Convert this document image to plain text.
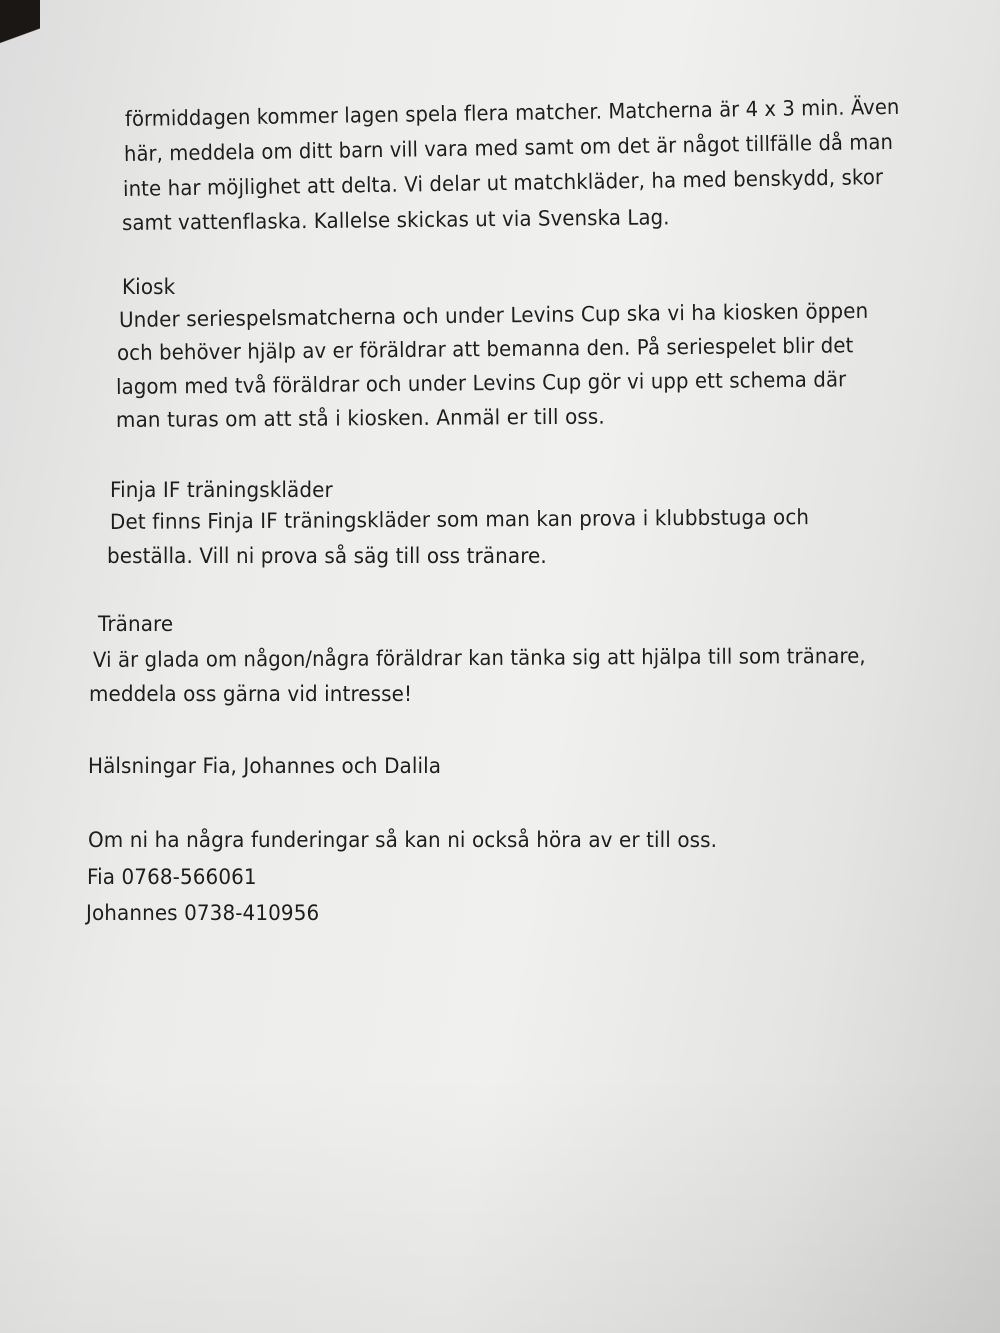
förmiddagen kommer lagen spela flera matcher. Matcherna är 4 x 3 min. Även

här, meddela om ditt barn vill vara med samt om det är något tillfälle då man

inte har möjlighet att delta. Vi delar ut matchkläder, ha med benskydd, skor

samt vattenflaska. Kallelse skickas ut via Svenska Lag.

Kiosk

Under seriespelsmatcherna och under Levins Cup ska vi ha kiosken öppen

och behöver hjälp av er föräldrar att bemanna den. På seriespelet blir det

lagom med två föräldrar och under Levins Cup gör vi upp ett schema där

man turas om att stå i kiosken. Anmäl er till oss.

Finja IF träningskläder

Det finns Finja IF träningskläder som man kan prova i klubbstuga och

beställa. Vill ni prova så säg till oss tränare.

Tränare

Vi är glada om någon/några föräldrar kan tänka sig att hjälpa till som tränare,

meddela oss gärna vid intresse!

Hälsningar Fia, Johannes och Dalila

Om ni ha några funderingar så kan ni också höra av er till oss.

Fia 0768-566061

Johannes 0738-410956
